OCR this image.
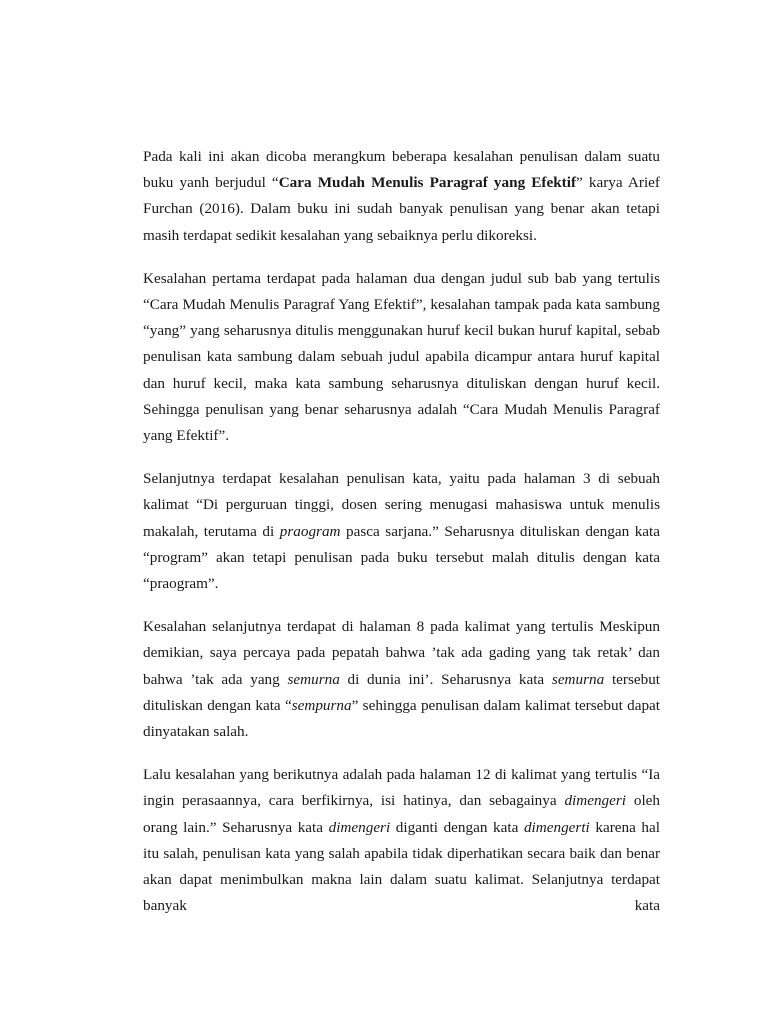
Pada kali ini akan dicoba merangkum beberapa kesalahan penulisan dalam suatu buku yanh berjudul “Cara Mudah Menulis Paragraf yang Efektif” karya Arief Furchan (2016). Dalam buku ini sudah banyak penulisan yang benar akan tetapi masih terdapat sedikit kesalahan yang sebaiknya perlu dikoreksi.

Kesalahan pertama terdapat pada halaman dua dengan judul sub bab yang tertulis “Cara Mudah Menulis Paragraf Yang Efektif”, kesalahan tampak pada kata sambung “yang” yang seharusnya ditulis menggunakan huruf kecil bukan huruf kapital, sebab penulisan kata sambung dalam sebuah judul apabila dicampur antara huruf kapital dan huruf kecil, maka kata sambung seharusnya dituliskan dengan huruf kecil. Sehingga penulisan yang benar seharusnya adalah “Cara Mudah Menulis Paragraf yang Efektif”.

Selanjutnya terdapat kesalahan penulisan kata, yaitu pada halaman 3 di sebuah kalimat “Di perguruan tinggi, dosen sering menugasi mahasiswa untuk menulis makalah, terutama di praogram pasca sarjana.” Seharusnya dituliskan dengan kata “program” akan tetapi penulisan pada buku tersebut malah ditulis dengan kata “praogram”.

Kesalahan selanjutnya terdapat di halaman 8 pada kalimat yang tertulis Meskipun demikian, saya percaya pada pepatah bahwa ’tak ada gading yang tak retak’ dan bahwa ’tak ada yang semurna di dunia ini’. Seharusnya kata semurna tersebut dituliskan dengan kata “sempurna” sehingga penulisan dalam kalimat tersebut dapat dinyatakan salah.

Lalu kesalahan yang berikutnya adalah pada halaman 12 di kalimat yang tertulis “Ia ingin perasaannya, cara berfikirnya, isi hatinya, dan sebagainya dimengeri oleh orang lain.” Seharusnya kata dimengeri diganti dengan kata dimengerti karena hal itu salah, penulisan kata yang salah apabila tidak diperhatikan secara baik dan benar akan dapat menimbulkan makna lain dalam suatu kalimat. Selanjutnya terdapat banyak kata
